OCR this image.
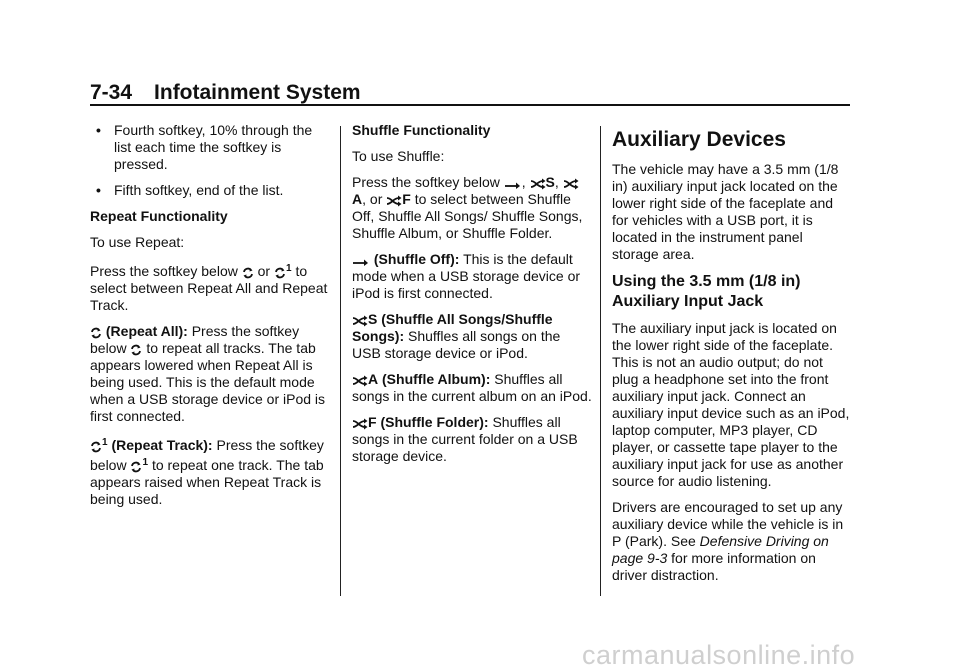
7-34 Infotainment System
• Fourth softkey, 10% through the list each time the softkey is pressed.
• Fifth softkey, end of the list.

Repeat Functionality

To use Repeat:

Press the softkey below or $^1$ to select between Repeat All and Repeat Track.

(Repeat All): Press the softkey below to repeat all tracks. The tab appears lowered when Repeat All is being used. This is the default mode when a USB storage device or iPod is first connected.

$^1$ (Repeat Track): Press the softkey below $^1$ to repeat one track. The tab appears raised when Repeat Track is being used.

Shuffle Functionality

To use Shuffle:

Press the softkey below , S, A, or F to select between Shuffle Off, Shuffle All Songs/ Shuffle Songs, Shuffle Album, or Shuffle Folder.

(Shuffle Off): This is the default mode when a USB storage device or iPod is first connected.

S (Shuffle All Songs/Shuffle Songs): Shuffles all songs on the USB storage device or iPod.

A (Shuffle Album): Shuffles all songs in the current album on an iPod.

F (Shuffle Folder): Shuffles all songs in the current folder on a USB storage device.

Auxiliary Devices

The vehicle may have a 3.5 mm (1/8 in) auxiliary input jack located on the lower right side of the faceplate and for vehicles with a USB port, it is located in the instrument panel storage area.

Using the 3.5 mm (1/8 in) Auxiliary Input Jack

The auxiliary input jack is located on the lower right side of the faceplate. This is not an audio output; do not plug a headphone set into the front auxiliary input jack. Connect an auxiliary input device such as an iPod, laptop computer, MP3 player, CD player, or cassette tape player to the auxiliary input jack for use as another source for audio listening.

Drivers are encouraged to set up any auxiliary device while the vehicle is in P (Park). See Defensive Driving on page 9-3 for more information on driver distraction.

carmanualsonline.info
